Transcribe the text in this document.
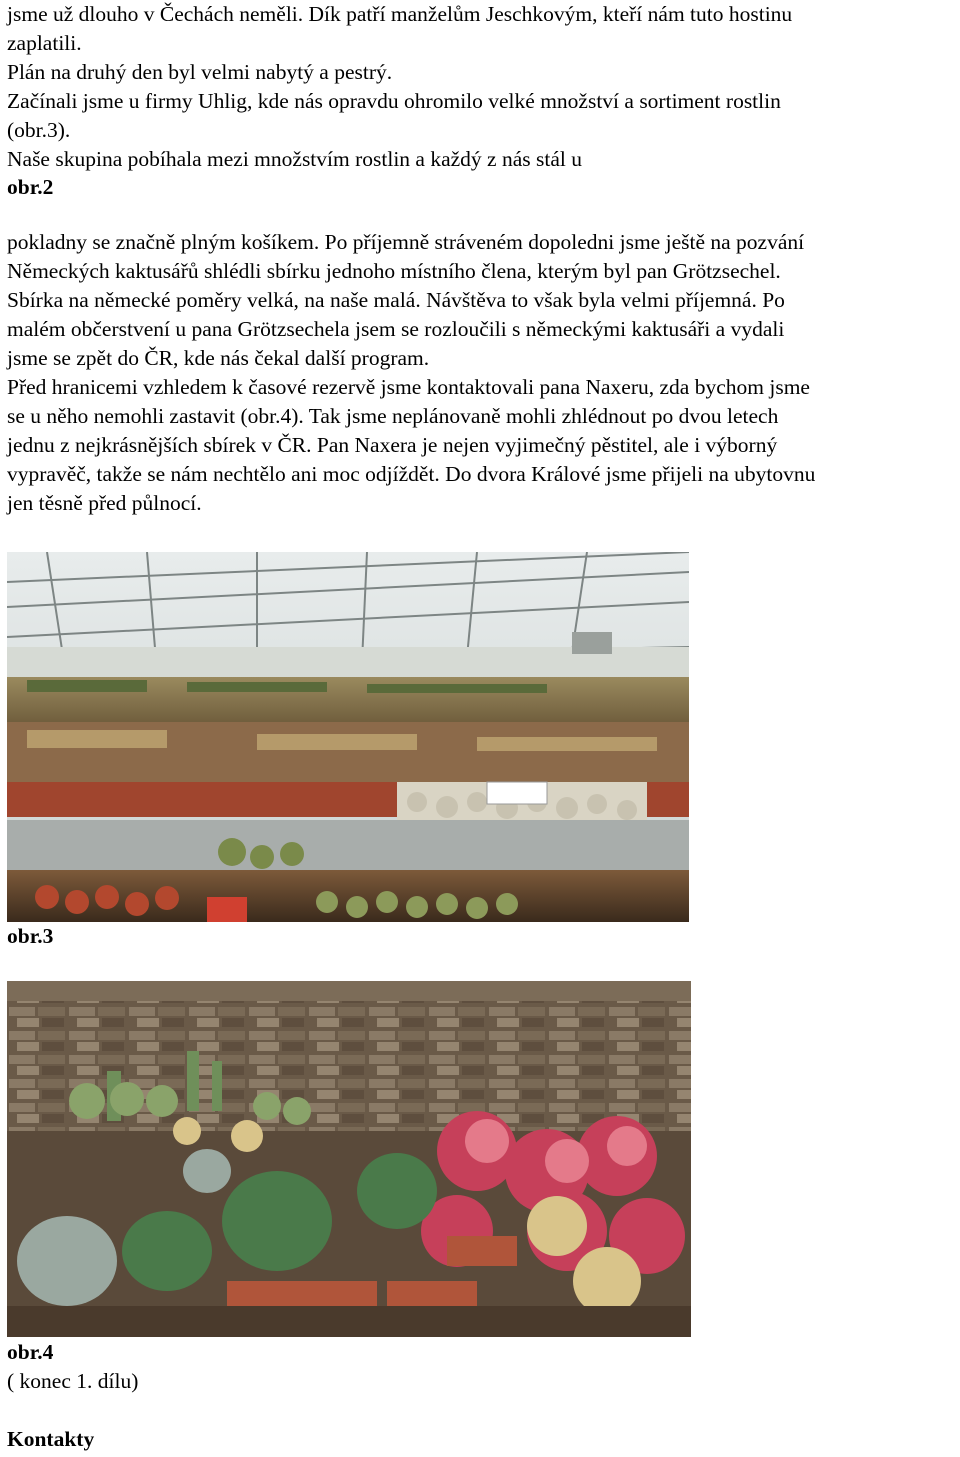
jsme už dlouho v Čechách neměli. Dík patří manželům Jeschkovým, kteří nám tuto hostinu
zaplatili.
Plán na druhý den byl velmi nabytý a pestrý.
Začínali jsme u firmy Uhlig, kde nás opravdu ohromilo velké množství a sortiment rostlin
(obr.3).
Naše skupina pobíhala mezi množstvím rostlin a každý z nás stál u
obr.2
pokladny se značně plným košíkem. Po příjemně stráveném dopoledni jsme ještě na pozvání
Německých kaktusářů shlédli sbírku jednoho místního člena, kterým byl pan Grötzsechel.
Sbírka na německé poměry velká, na naše malá. Návštěva to však byla velmi příjemná. Po
malém občerstvení u pana Grötzsechela jsem se rozloučili s německými kaktusáři a vydali
jsme se zpět do ČR, kde nás čekal další program.
Před hranicemi vzhledem k časové rezervě jsme kontaktovali pana Naxeru, zda bychom jsme
se u něho nemohli zastavit (obr.4). Tak jsme neplánovaně mohli zhlédnout po dvou letech
jednu z nejkrásnějších sbírek v ČR. Pan Naxera je nejen vyjimečný pěstitel, ale i výborný
vypravěč, takže se nám nechtělo ani moc odjíždět. Do dvora Králové jsme přijeli na ubytovnu
jen těsně před půlnocí.
obr.3
obr.4
( konec 1. dílu)
Kontakty
